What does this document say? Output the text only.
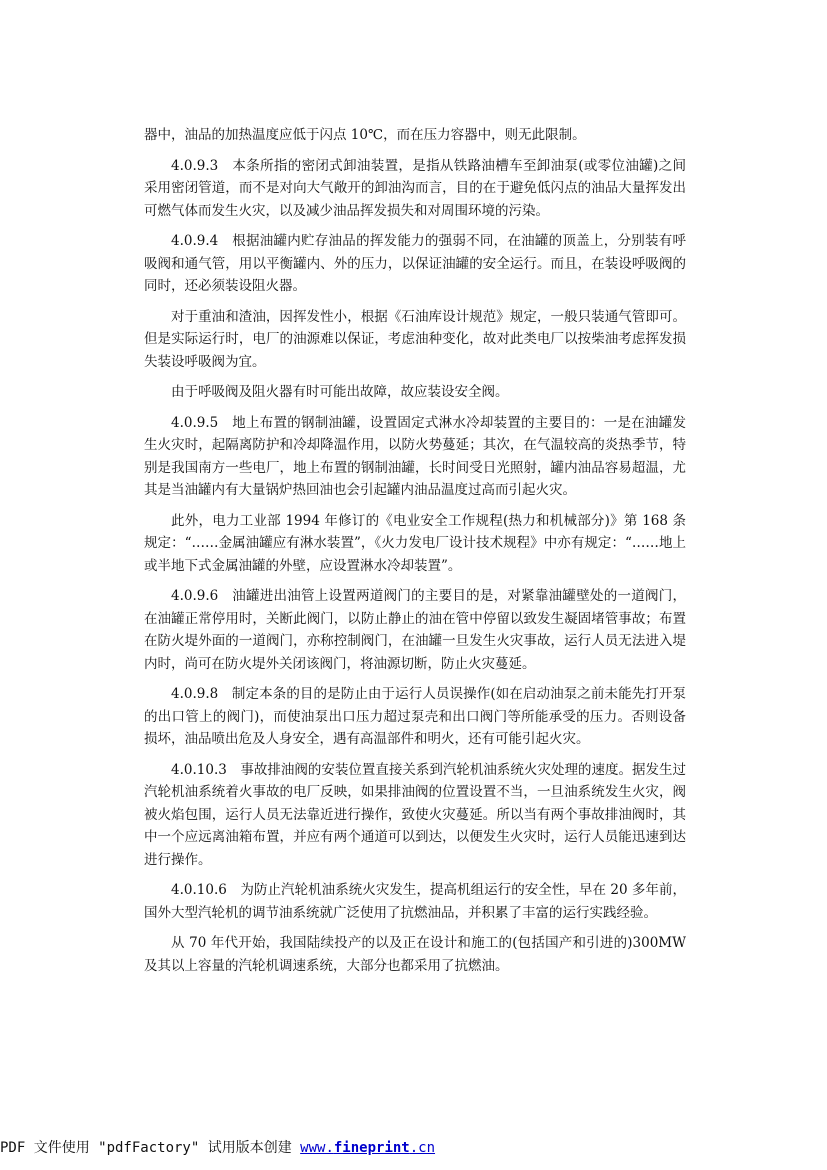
器中，油品的加热温度应低于闪点 10℃，而在压力容器中，则无此限制。

4.0.9.3　本条所指的密闭式卸油装置，是指从铁路油槽车至卸油泵(或零位油罐)之间采用密闭管道，而不是对向大气敞开的卸油沟而言，目的在于避免低闪点的油品大量挥发出可燃气体而发生火灾，以及减少油品挥发损失和对周围环境的污染。

4.0.9.4　根据油罐内贮存油品的挥发能力的强弱不同，在油罐的顶盖上，分别装有呼吸阀和通气管，用以平衡罐内、外的压力，以保证油罐的安全运行。而且，在装设呼吸阀的同时，还必须装设阻火器。

对于重油和渣油，因挥发性小，根据《石油库设计规范》规定，一般只装通气管即可。但是实际运行时，电厂的油源难以保证，考虑油种变化，故对此类电厂以按柴油考虑挥发损失装设呼吸阀为宜。

由于呼吸阀及阻火器有时可能出故障，故应装设安全阀。

4.0.9.5　地上布置的钢制油罐，设置固定式淋水冷却装置的主要目的：一是在油罐发生火灾时，起隔离防护和冷却降温作用，以防火势蔓延；其次，在气温较高的炎热季节，特别是我国南方一些电厂，地上布置的钢制油罐，长时间受日光照射，罐内油品容易超温，尤其是当油罐内有大量锅炉热回油也会引起罐内油品温度过高而引起火灾。

此外，电力工业部 1994 年修订的《电业安全工作规程(热力和机械部分)》第 168 条规定：“……金属油罐应有淋水装置”，《火力发电厂设计技术规程》中亦有规定：“……地上或半地下式金属油罐的外壁，应设置淋水冷却装置”。

4.0.9.6　油罐进出油管上设置两道阀门的主要目的是，对紧靠油罐壁处的一道阀门，在油罐正常停用时，关断此阀门，以防止静止的油在管中停留以致发生凝固堵管事故；布置在防火堤外面的一道阀门，亦称控制阀门，在油罐一旦发生火灾事故，运行人员无法进入堤内时，尚可在防火堤外关闭该阀门，将油源切断，防止火灾蔓延。

4.0.9.8　制定本条的目的是防止由于运行人员误操作(如在启动油泵之前未能先打开泵的出口管上的阀门)，而使油泵出口压力超过泵壳和出口阀门等所能承受的压力。否则设备损坏，油品喷出危及人身安全，遇有高温部件和明火，还有可能引起火灾。

4.0.10.3　事故排油阀的安装位置直接关系到汽轮机油系统火灾处理的速度。据发生过汽轮机油系统着火事故的电厂反映，如果排油阀的位置设置不当，一旦油系统发生火灾，阀被火焰包围，运行人员无法靠近进行操作，致使火灾蔓延。所以当有两个事故排油阀时，其中一个应远离油箱布置，并应有两个通道可以到达，以便发生火灾时，运行人员能迅速到达进行操作。

4.0.10.6　为防止汽轮机油系统火灾发生，提高机组运行的安全性，早在 20 多年前，国外大型汽轮机的调节油系统就广泛使用了抗燃油品，并积累了丰富的运行实践经验。

从 70 年代开始，我国陆续投产的以及正在设计和施工的(包括国产和引进的)300MW 及其以上容量的汽轮机调速系统，大部分也都采用了抗燃油。

PDF 文件使用 "pdfFactory" 试用版本创建 www.fineprint.cn
